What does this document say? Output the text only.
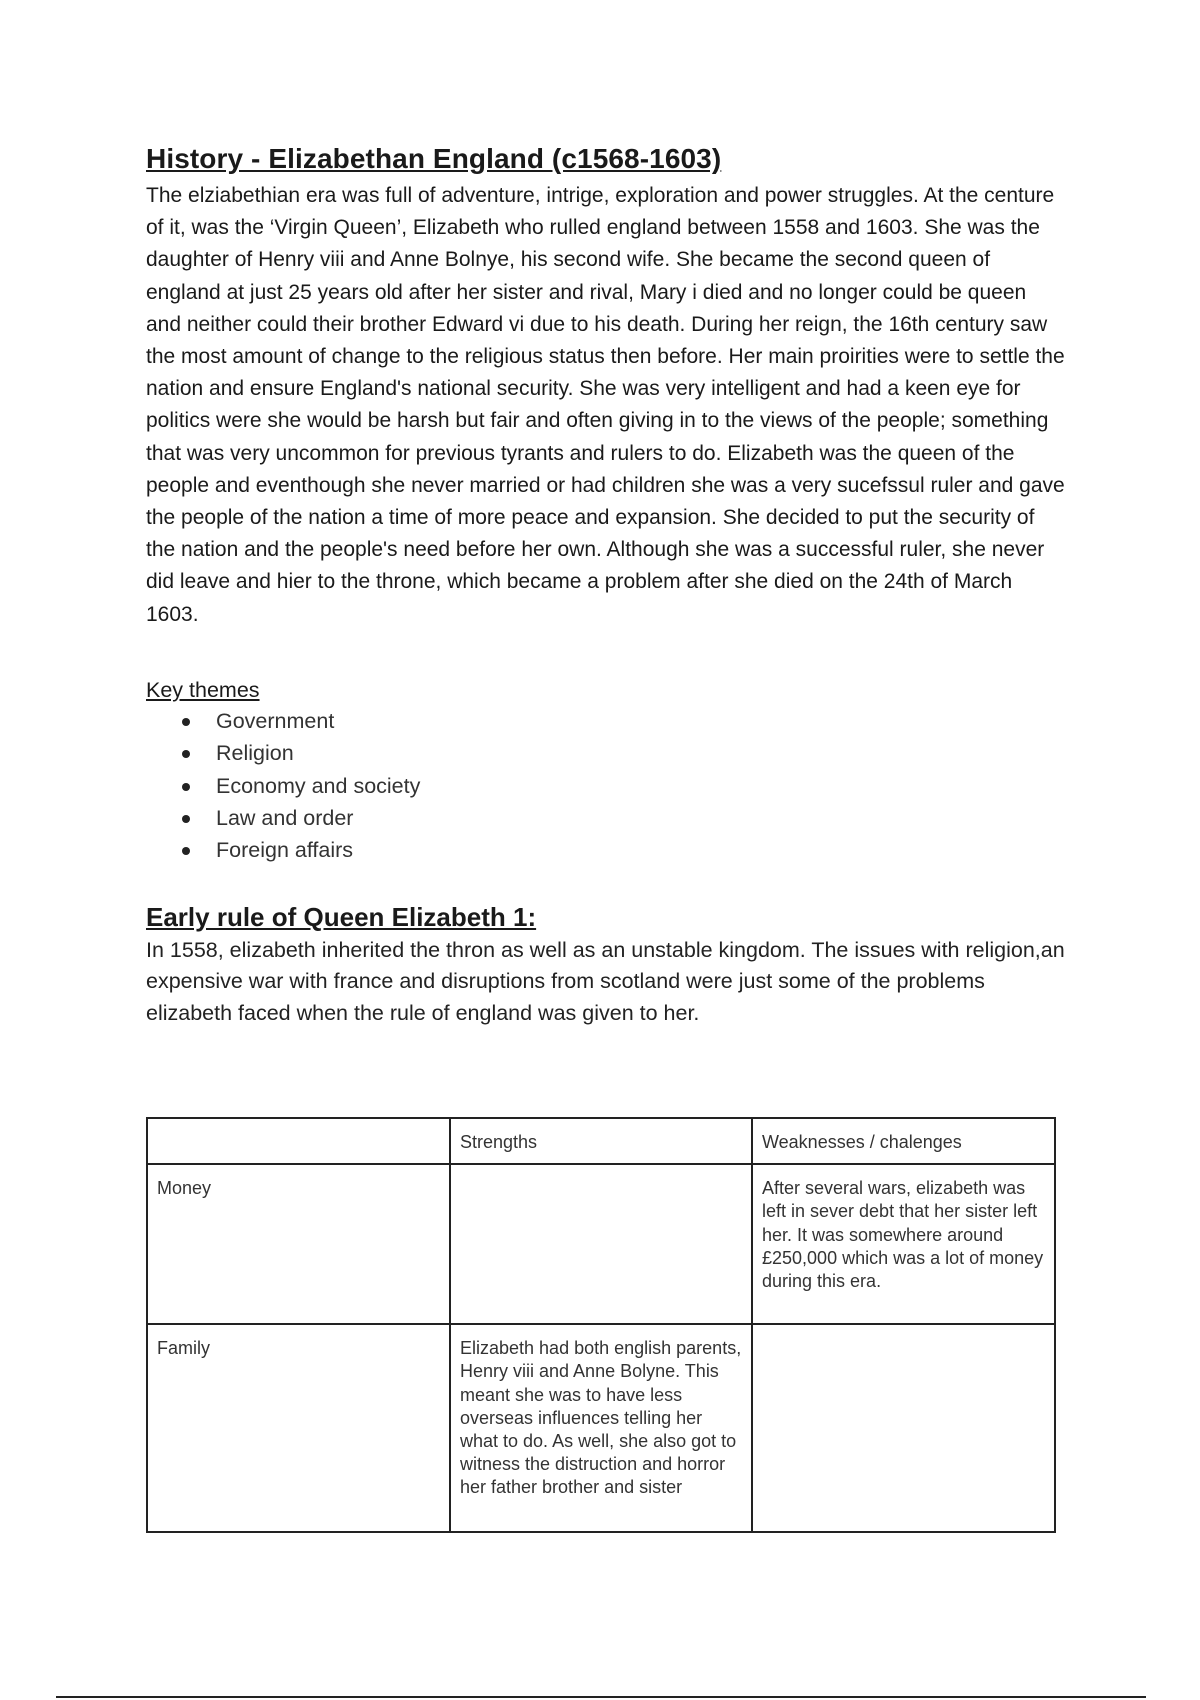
History - Elizabethan England (c1568-1603)

The elziabethian era was full of adventure, intrige, exploration and power struggles. At the centure of it, was the ‘Virgin Queen’, Elizabeth who rulled england between 1558 and 1603. She was the daughter of Henry viii and Anne Bolnye, his second wife. She became the second queen of england at just 25 years old after her sister and rival, Mary i died and no longer could be queen and neither could their brother Edward vi due to his death. During her reign, the 16th century saw the most amount of change to the religious status then before. Her main proirities were to settle the nation and ensure England's national security. She was very intelligent and had a keen eye for politics were she would be harsh but fair and often giving in to the views of the people; something that was very uncommon for previous tyrants and rulers to do. Elizabeth was the queen of the people and eventhough she never married or had children she was a very sucefssul ruler and gave the people of the nation a time of more peace and expansion. She decided to put the security of the nation and the people's need before her own. Although she was a successful ruler, she never did leave and hier to the throne, which became a problem after she died on the 24th of March 1603.

Key themes
Government
Religion
Economy and society
Law and order
Foreign affairs
Early rule of Queen Elizabeth 1:

In 1558, elizabeth inherited the thron as well as an unstable kingdom. The issues with religion,an expensive war with france and disruptions from scotland were just some of the problems elizabeth faced when the rule of england was given to her.

	Strengths	Weaknesses / chalenges
Money		After several wars, elizabeth was left in sever debt that her sister left her. It was somewhere around £250,000 which was a lot of money during this era.
Family	Elizabeth had both english parents, Henry viii and Anne Bolyne. This meant she was to have less overseas influences telling her what to do. As well, she also got to witness the distruction and horror her father brother and sister	
